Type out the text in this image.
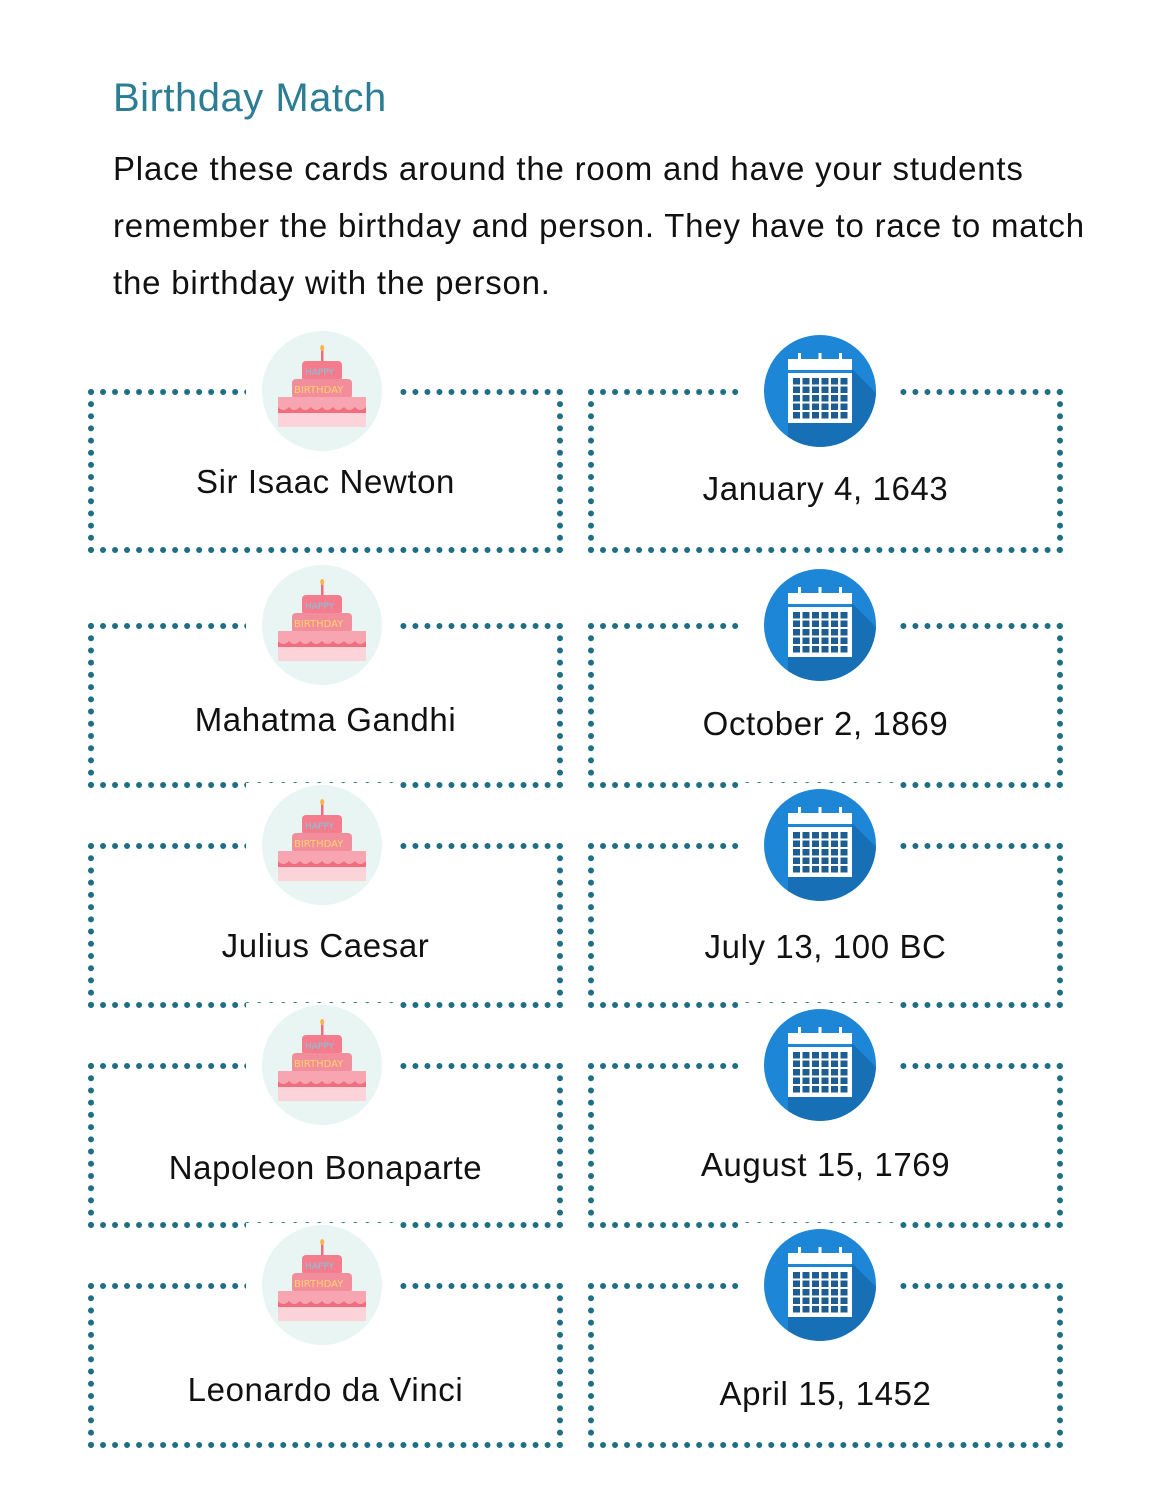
Birthday Match
Place these cards around the room and have your students remember the birthday and person. They have to race to match the birthday with the person.
HAPPY
BIRTHDAY
Sir Isaac Newton	January 4, 1643
HAPPY
BIRTHDAY
Mahatma Gandhi	October 2, 1869
HAPPY
BIRTHDAY
Julius Caesar	July 13, 100 BC
HAPPY
BIRTHDAY
Napoleon Bonaparte	August 15, 1769
HAPPY
BIRTHDAY
Leonardo da Vinci	April 15, 1452
